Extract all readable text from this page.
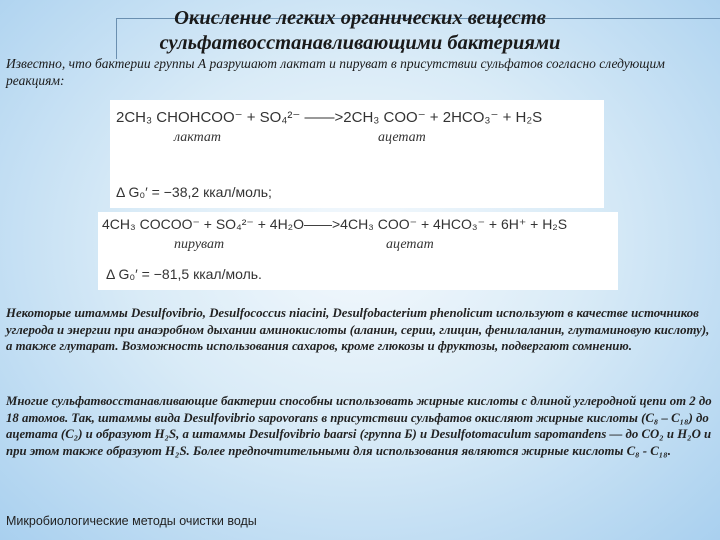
Окисление легких органических веществ
сульфатвосстанавливающими бактериями
Известно, что бактерии группы А разрушают лактат и пируват в присутствии сульфатов согласно следующим реакциям:
2CH₃ CHOHCOO⁻ + SO₄²⁻ ——>2CH₃ COO⁻ + 2HCO₃⁻ + H₂S
лактат	ацетат
Δ G₀′ = −38,2 ккал/моль;
4CH₃ COCOO⁻ + SO₄²⁻ + 4H₂O——>4CH₃ COO⁻ + 4HCO₃⁻ + 6H⁺ + H₂S
пируват	ацетат
Δ G₀′ = −81,5 ккал/моль.
Некоторые штаммы Desulfovibrio, Desulfococcus niacini, Desulfobacterium phenolicum используют в качестве источников углерода и энергии при анаэробном дыхании аминокислоты (аланин, серии, глицин, фенилаланин, глутаминовую кислоту), а также глутарат. Возможность использования сахаров, кроме глюкозы и фруктозы, подвергают сомнению.
Многие сульфатвосстанавливающие бактерии способны использовать жирные кислоты с длиной углеродной цепи от 2 до 18 атомов. Так, штаммы вида Desulfovibrio sapovorans в присутствии сульфатов окисляют жирные кислоты (С₈ – С₁₈) до ацетата (С₂) и образуют H₂S, а штаммы Desulfovibrio baarsi (группа Б) и Desulfotomaculum sapomandens — до CO₂ и H₂O и при этом также образуют H₂S. Более предпочтительными для использования являются жирные кислоты С₈ - С₁₈.
Микробиологические методы очистки воды
